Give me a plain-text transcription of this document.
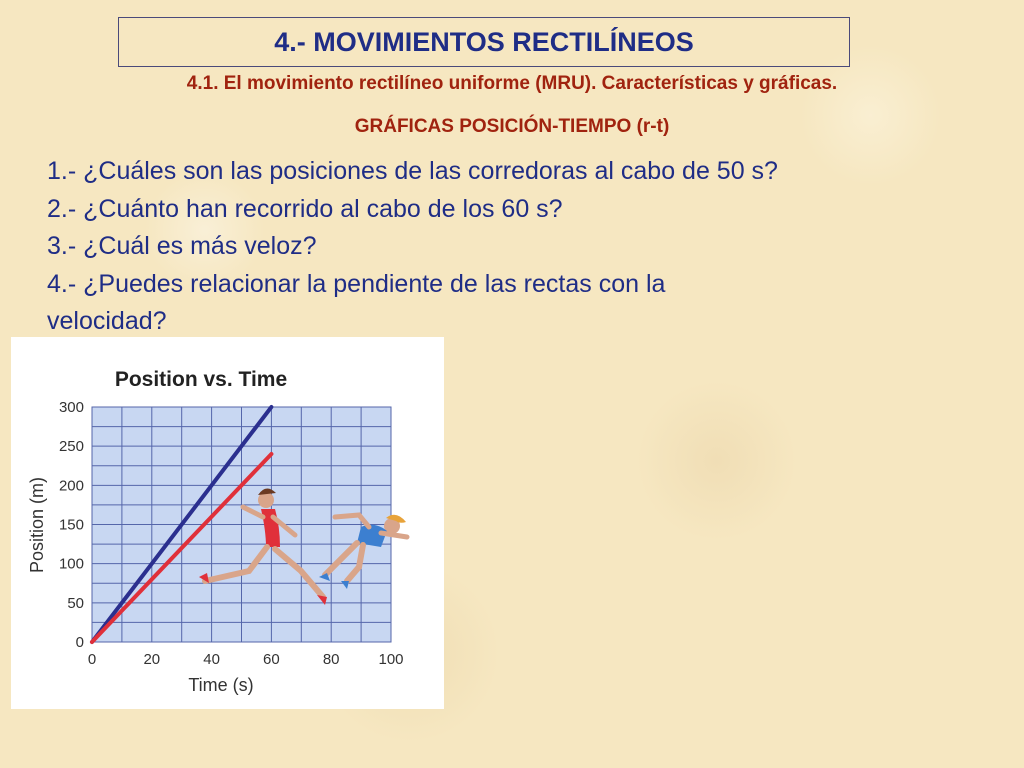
4.- MOVIMIENTOS RECTILÍNEOS

4.1. El movimiento rectilíneo uniforme (MRU). Características y gráficas.

GRÁFICAS POSICIÓN-TIEMPO (r-t)

1.- ¿Cuáles son las posiciones de las corredoras al cabo de 50 s?
2.- ¿Cuánto han recorrido al cabo de los 60 s?
3.- ¿Cuál es más veloz?
4.- ¿Puedes relacionar la pendiente de las rectas con la
velocidad?
Position vs. Time
0
50
100
150
200
250
300
0	20	40	60	80	100
Position (m)
Time (s)
